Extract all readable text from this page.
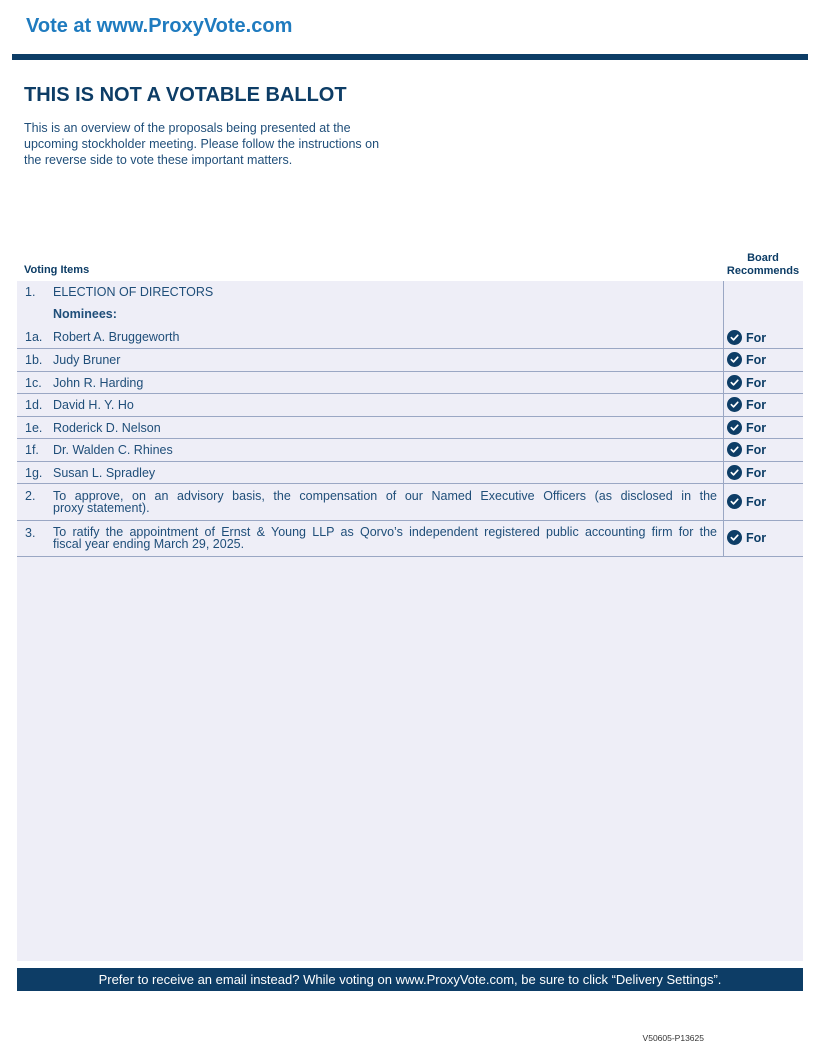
Vote at www.ProxyVote.com
THIS IS NOT A VOTABLE BALLOT
This is an overview of the proposals being presented at the
upcoming stockholder meeting. Please follow the instructions on
the reverse side to vote these important matters.
Voting Items
Board
Recommends
1. ELECTION OF DIRECTORS
Nominees:
1a. Robert A. Bruggeworth	For
1b. Judy Bruner	For
1c. John R. Harding	For
1d. David H. Y. Ho	For
1e. Roderick D. Nelson	For
1f. Dr. Walden C. Rhines	For
1g. Susan L. Spradley	For
2. To approve, on an advisory basis, the compensation of our Named Executive Officers (as disclosed in the
proxy statement).	For
3. To ratify the appointment of Ernst & Young LLP as Qorvo’s independent registered public accounting firm for the
fiscal year ending March 29, 2025.	For
Prefer to receive an email instead? While voting on www.ProxyVote.com, be sure to click “Delivery Settings”.
V50605-P13625
